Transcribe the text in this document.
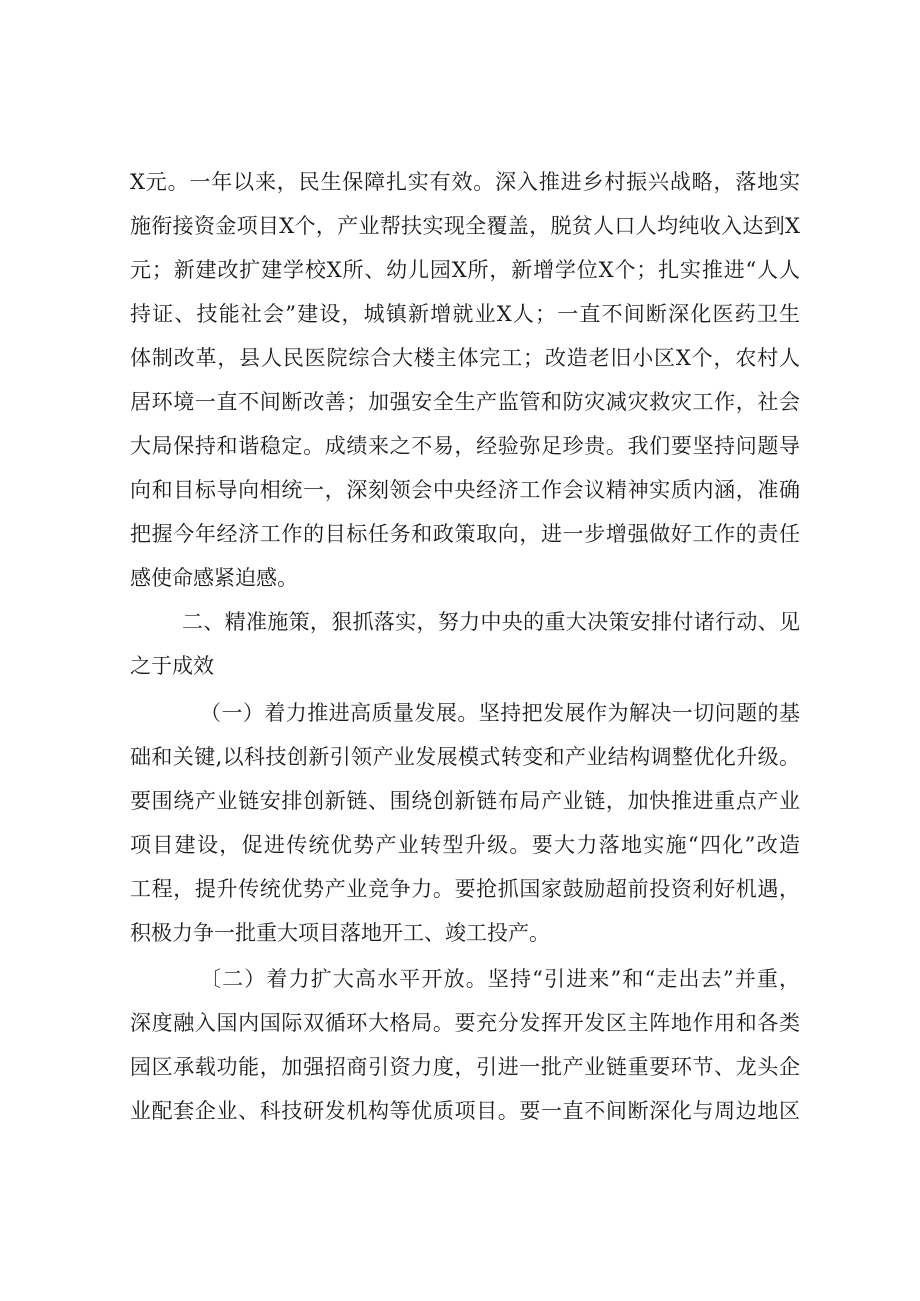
X元。一年以来，民生保障扎实有效。深入推进乡村振兴战略，落地实
施衔接资金项目X个，产业帮扶实现全覆盖，脱贫人口人均纯收入达到X
元；新建改扩建学校X所、幼儿园X所，新增学位X个；扎实推进“人人
持证、技能社会”建设，城镇新增就业X人；一直不间断深化医药卫生
体制改革，县人民医院综合大楼主体完工；改造老旧小区X个，农村人
居环境一直不间断改善；加强安全生产监管和防灾减灾救灾工作，社会
大局保持和谐稳定。成绩来之不易，经验弥足珍贵。我们要坚持问题导
向和目标导向相统一，深刻领会中央经济工作会议精神实质内涵，准确
把握今年经济工作的目标任务和政策取向，进一步增强做好工作的责任
感使命感紧迫感。
二、精准施策，狠抓落实，努力中央的重大决策安排付诸行动、见
之于成效
（一）着力推进高质量发展。坚持把发展作为解决一切问题的基
础和关键,以科技创新引领产业发展模式转变和产业结构调整优化升级。
要围绕产业链安排创新链、围绕创新链布局产业链，加快推进重点产业
项目建设，促进传统优势产业转型升级。要大力落地实施“四化”改造
工程，提升传统优势产业竞争力。要抢抓国家鼓励超前投资利好机遇，
积极力争一批重大项目落地开工、竣工投产。
〔二）着力扩大高水平开放。坚持“引进来”和“走出去”并重，
深度融入国内国际双循环大格局。要充分发挥开发区主阵地作用和各类
园区承载功能，加强招商引资力度，引进一批产业链重要环节、龙头企
业配套企业、科技研发机构等优质项目。要一直不间断深化与周边地区
